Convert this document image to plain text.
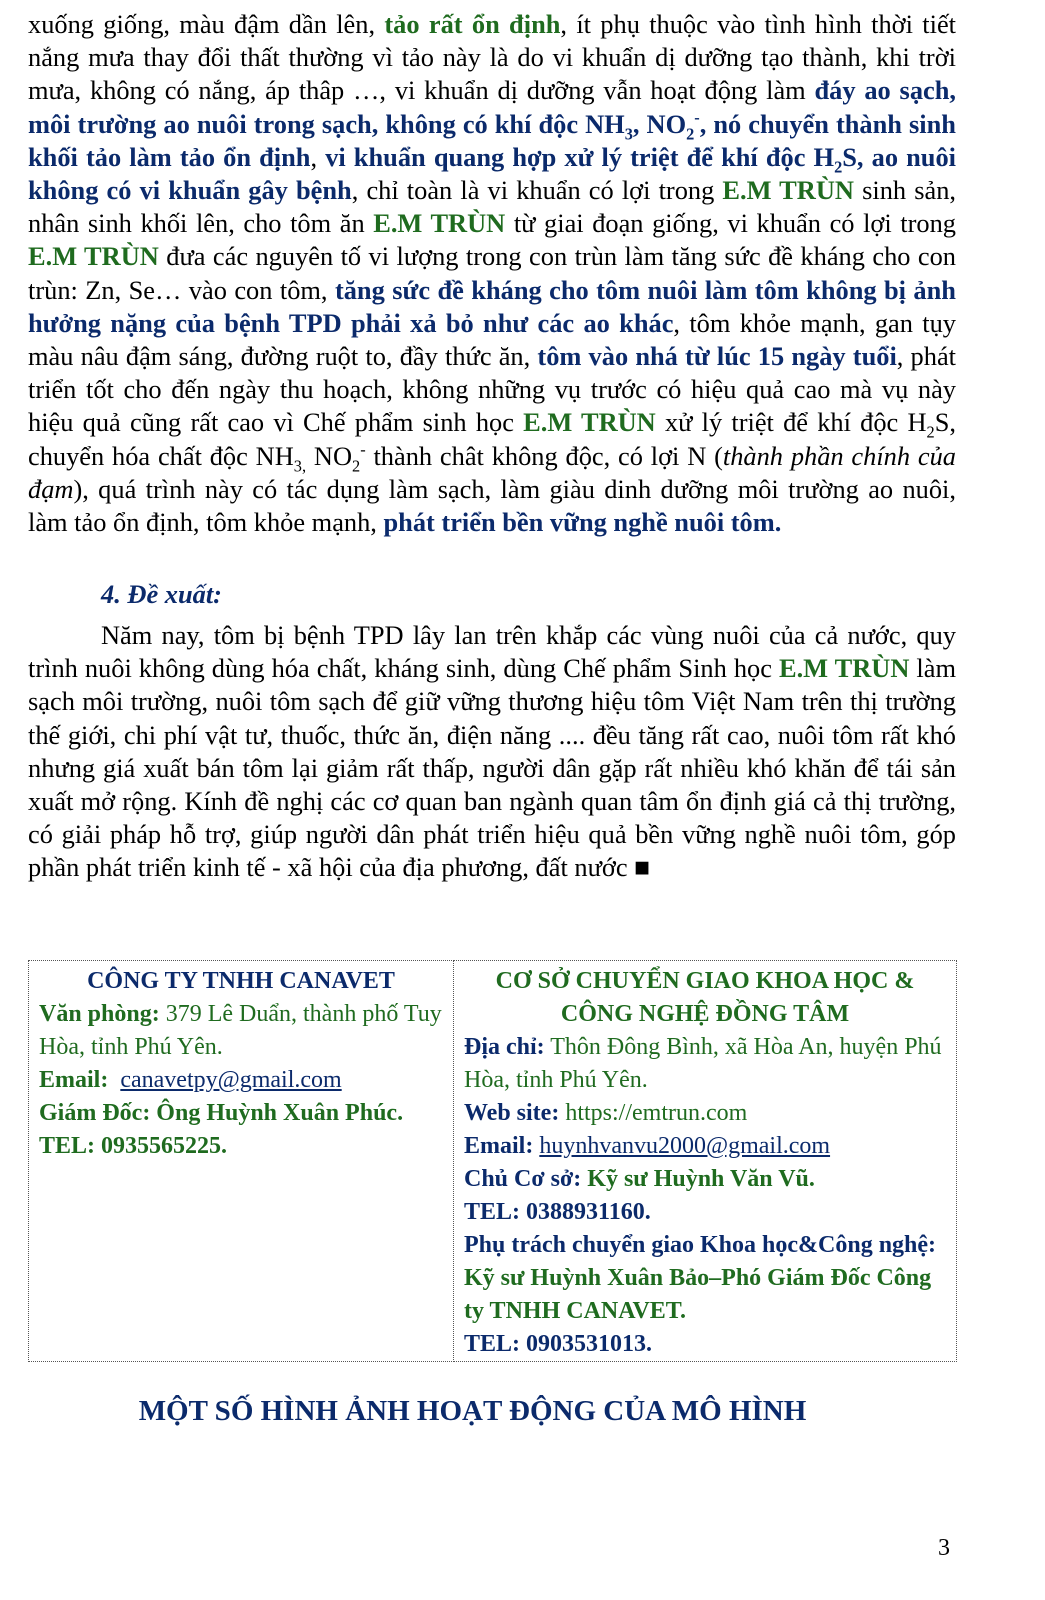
xuống giống, màu đậm dần lên, tảo rất ổn định, ít phụ thuộc vào tình hình thời tiết nắng mưa thay đổi thất thường vì tảo này là do vi khuẩn dị dưỡng tạo thành, khi trời mưa, không có nắng, áp thâp …, vi khuẩn dị dưỡng vẫn hoạt động làm đáy ao sạch, môi trường ao nuôi trong sạch, không có khí độc $NH_3$, $NO_2^-$, nó chuyển thành sinh khối tảo làm tảo ổn định, vi khuẩn quang hợp xử lý triệt để khí độc $H_2S$, ao nuôi không có vi khuẩn gây bệnh, chỉ toàn là vi khuẩn có lợi trong E.M TRÙN sinh sản, nhân sinh khối lên, cho tôm ăn E.M TRÙN từ giai đoạn giống, vi khuẩn có lợi trong E.M TRÙN đưa các nguyên tố vi lượng trong con trùn làm tăng sức đề kháng cho con trùn: Zn, Se… vào con tôm, tăng sức đề kháng cho tôm nuôi làm tôm không bị ảnh hưởng nặng của bệnh TPD phải xả bỏ như các ao khác, tôm khỏe mạnh, gan tụy màu nâu đậm sáng, đường ruột to, đầy thức ăn, tôm vào nhá từ lúc 15 ngày tuổi, phát triển tốt cho đến ngày thu hoạch, không những vụ trước có hiệu quả cao mà vụ này hiệu quả cũng rất cao vì Chế phẩm sinh học E.M TRÙN xử lý triệt để khí độc $H_2S$, chuyển hóa chất độc $NH_{3,}$ $NO_2^-$ thành chât không độc, có lợi N (thành phần chính của đạm), quá trình này có tác dụng làm sạch, làm giàu dinh dưỡng môi trường ao nuôi, làm tảo ổn định, tôm khỏe mạnh, phát triển bền vững nghề nuôi tôm.

4. Đề xuất:

Năm nay, tôm bị bệnh TPD lây lan trên khắp các vùng nuôi của cả nước, quy trình nuôi không dùng hóa chất, kháng sinh, dùng Chế phẩm Sinh học E.M TRÙN làm sạch môi trường, nuôi tôm sạch để giữ vững thương hiệu tôm Việt Nam trên thị trường thế giới, chi phí vật tư, thuốc, thức ăn, điện năng .... đều tăng rất cao, nuôi tôm rất khó nhưng giá xuất bán tôm lại giảm rất thấp, người dân gặp rất nhiều khó khăn để tái sản xuất mở rộng. Kính đề nghị các cơ quan ban ngành quan tâm ổn định giá cả thị trường, có giải pháp hỗ trợ, giúp người dân phát triển hiệu quả bền vững nghề nuôi tôm, góp phần phát triển kinh tế - xã hội của địa phương, đất nước ■

CÔNG TY TNHH CANAVET
Văn phòng: 379 Lê Duẩn, thành phố Tuy Hòa, tỉnh Phú Yên.
Email: canavetpy@gmail.com
Giám Đốc: Ông Huỳnh Xuân Phúc.
TEL: 0935565225.

CƠ SỞ CHUYỂN GIAO KHOA HỌC & CÔNG NGHỆ ĐỒNG TÂM
Địa chỉ: Thôn Đông Bình, xã Hòa An, huyện Phú Hòa, tỉnh Phú Yên.
Web site: https://emtrun.com
Email: huynhvanvu2000@gmail.com
Chủ Cơ sở: Kỹ sư Huỳnh Văn Vũ.
TEL: 0388931160.
Phụ trách chuyển giao Khoa học&Công nghệ: Kỹ sư Huỳnh Xuân Bảo–Phó Giám Đốc Công ty TNHH CANAVET.
TEL: 0903531013.

MỘT SỐ HÌNH ẢNH HOẠT ĐỘNG CỦA MÔ HÌNH

3
